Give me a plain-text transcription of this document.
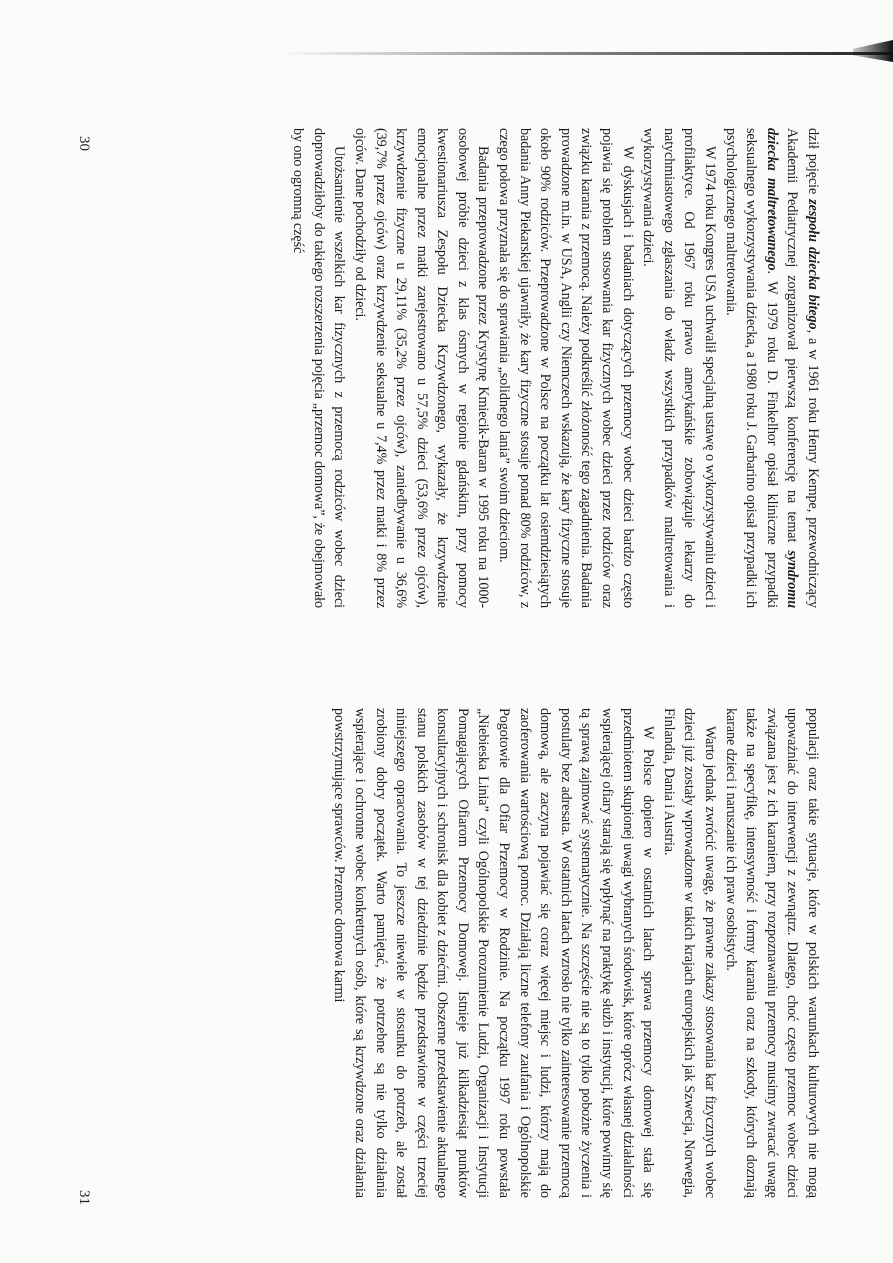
dził pojęcie zespołu dziecka bitego, a w 1961 roku Henry Kempe, przewodniczący Akademii Pediatrycznej zorganizował pierwszą konferencję na temat syndromu dziecka maltretowanego. W 1979 roku D. Finkelhor opisał kliniczne przypadki seksualnego wykorzystywania dziecka, a 1980 roku J. Garbarino opisał przypadki ich psychologicznego maltretowania.

W 1974 roku Kongres USA uchwalił specjalną ustawę o wykorzystywaniu dzieci i profilaktyce. Od 1967 roku prawo amerykańskie zobowiązuje lekarzy do natychmiastowego zgłaszania do władz wszystkich przypadków maltretowania i wykorzystywania dzieci.

W dyskusjach i badaniach dotyczących przemocy wobec dzieci bardzo często pojawia się problem stosowania kar fizycznych wobec dzieci przez rodziców oraz związku karania z przemocą. Należy podkreślić złożoność tego zagadnienia. Badania prowadzone m.in. w USA, Anglii czy Niemczech wskazują, że kary fizyczne stosuje około 90% rodziców. Przeprowadzone w Polsce na początku lat osiemdziesiątych badania Anny Piekarskiej ujawniły, że kary fizyczne stosuje ponad 80% rodziców, z czego połowa przyznała się do sprawiania „solidnego lania” swoim dzieciom.

Badania przeprowadzone przez Krystynę Kmiecik-Baran w 1995 roku na 1000-osobowej próbie dzieci z klas ósmych w regionie gdańskim, przy pomocy kwestionariusza Zespołu Dziecka Krzywdzonego, wykazały, że krzywdzenie emocjonalne przez matki zarejestrowano u 57,5% dzieci (53,6% przez ojców), krzywdzenie fizyczne u 29,11% (35,2% przez ojców), zaniedbywanie u 36,6% (39,7% przez ojców) oraz krzywdzenie seksualne u 7,4% przez matki i 8% przez ojców. Dane pochodziły od dzieci.

Utożsamienie wszelkich kar fizycznych z przemocą rodziców wobec dzieci doprowadziłoby do takiego rozszerzenia pojęcia „przemoc domowa”, że obejmowało by ono ogromną część

30

populacji oraz takie sytuacje, które w polskich warunkach kulturowych nie mogą upoważniać do interwencji z zewnątrz. Dlatego, choć często przemoc wobec dzieci związana jest z ich karaniem, przy rozpoznawaniu przemocy musimy zwracać uwagę także na specyfikę, intensywność i formy karania oraz na szkody, których doznają karane dzieci i naruszanie ich praw osobistych.

Warto jednak zwrócić uwagę, że prawne zakazy stosowania kar fizycznych wobec dzieci już zostały wprowadzone w takich krajach europejskich jak Szwecja, Norwegia, Finlandia, Dania i Austria.

W Polsce dopiero w ostatnich latach sprawa przemocy domowej stała się przedmiotem skupionej uwagi wybranych środowisk, które oprócz własnej działalności wspierającej ofiary starają się wpłynąć na praktykę służb i instytucji, które powinny się tą sprawą zajmować systematycznie. Na szczęście nie są to tylko pobożne życzenia i postulaty bez adresata. W ostatnich latach wzrosło nie tylko zainteresowanie przemocą domową, ale zaczyna pojawiać się coraz więcej miejsc i ludzi, którzy mają do zaoferowania wartościową pomoc. Działają liczne telefony zaufania i Ogólnopolskie Pogotowie dla Ofiar Przemocy w Rodzinie. Na początku 1997 roku powstała „Niebieska Linia” czyli Ogólnopolskie Porozumienie Ludzi, Organizacji i Instytucji Pomagających Ofiarom Przemocy Domowej. Istnieje już kilkadziesiąt punktów konsultacyjnych i schronisk dla kobiet z dziećmi. Obszerne przedstawienie aktualnego stanu polskich zasobów w tej dziedzinie będzie przedstawione w części trzeciej niniejszego opracowania. To jeszcze niewiele w stosunku do potrzeb, ale został zrobiony dobry początek. Warto pamiętać, że potrzebne są nie tylko działania wspierające i ochronne wobec konkretnych osób, które są krzywdzone oraz działania powstrzymujące sprawców. Przemoc domowa karmi

31
